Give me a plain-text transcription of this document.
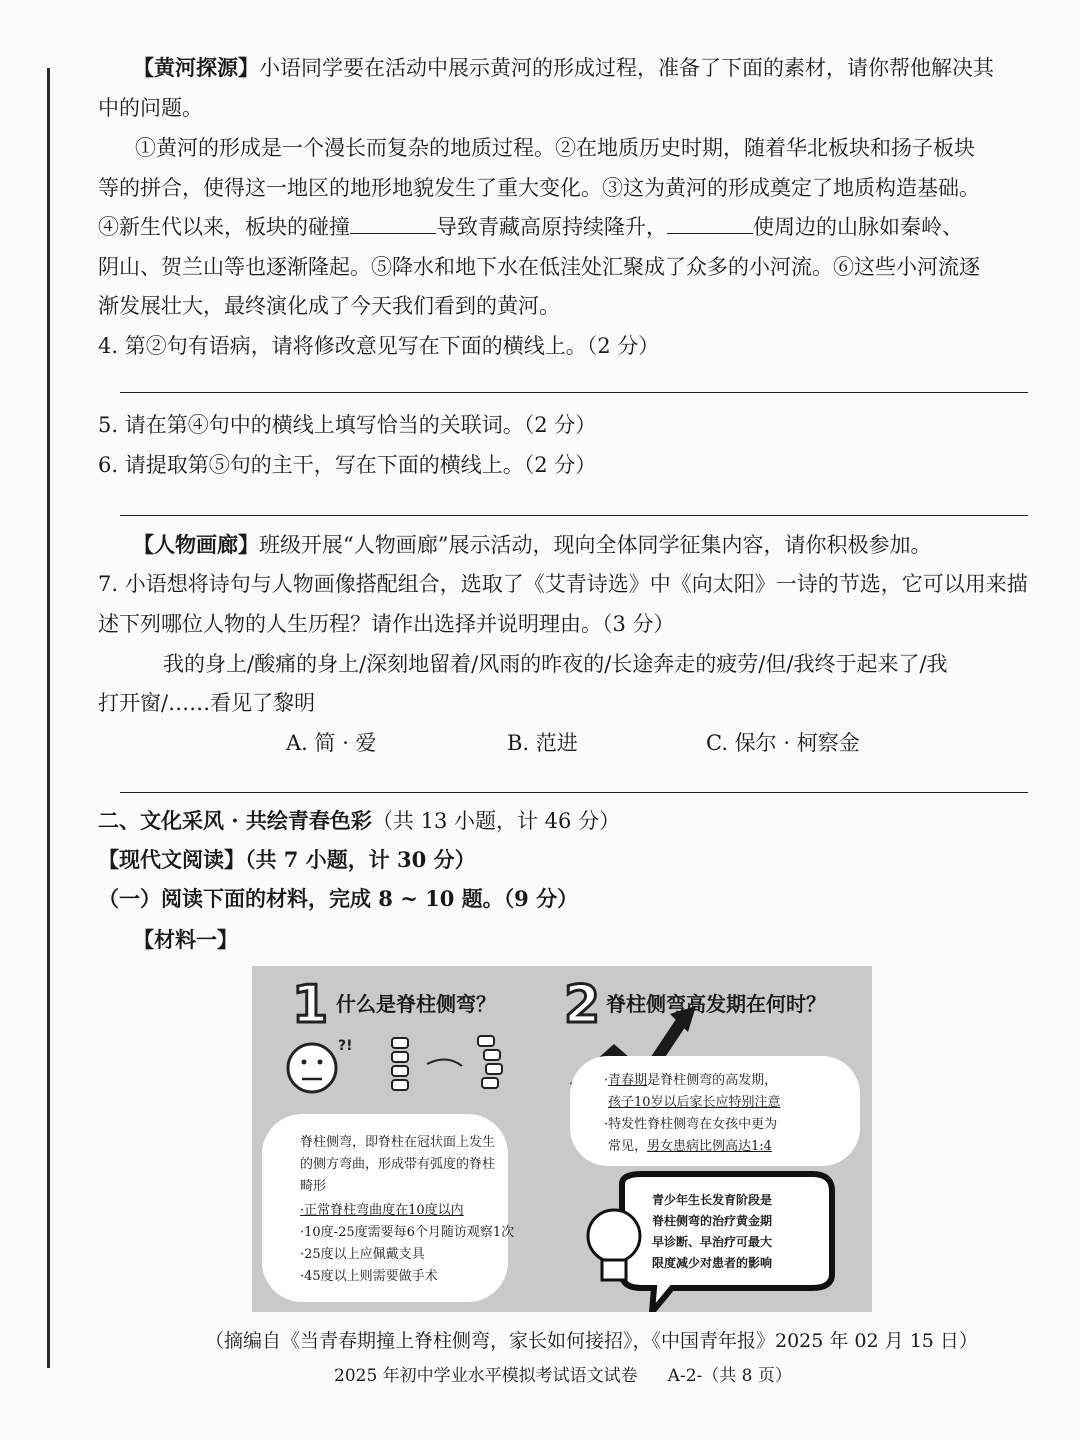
【黄河探源】小语同学要在活动中展示黄河的形成过程，准备了下面的素材，请你帮他解决其
中的问题。
①黄河的形成是一个漫长而复杂的地质过程。②在地质历史时期，随着华北板块和扬子板块
等的拼合，使得这一地区的地形地貌发生了重大变化。③这为黄河的形成奠定了地质构造基础。
④新生代以来，板块的碰撞	导致青藏高原持续隆升，	使周边的山脉如秦岭、
阴山、贺兰山等也逐渐隆起。⑤降水和地下水在低洼处汇聚成了众多的小河流。⑥这些小河流逐
渐发展壮大，最终演化成了今天我们看到的黄河。
4. 第②句有语病，请将修改意见写在下面的横线上。（2 分）
5. 请在第④句中的横线上填写恰当的关联词。（2 分）
6. 请提取第⑤句的主干，写在下面的横线上。（2 分）
【人物画廊】班级开展“人物画廊”展示活动，现向全体同学征集内容，请你积极参加。
7. 小语想将诗句与人物画像搭配组合，选取了《艾青诗选》中《向太阳》一诗的节选，它可以用来描
述下列哪位人物的人生历程？请作出选择并说明理由。（3 分）
我的身上/酸痛的身上/深刻地留着/风雨的昨夜的/长途奔走的疲劳/但/我终于起来了/我
打开窗/……看见了黎明
A. 简 · 爱	B. 范进	C. 保尔 · 柯察金
二、文化采风 · 共绘青春色彩（共 13 小题，计 46 分）
【现代文阅读】（共 7 小题，计 30 分）
（一）阅读下面的材料，完成 8 ~ 10 题。（9 分）
【材料一】
1	2
?!
什么是脊柱侧弯？	脊柱侧弯高发期在何时？
脊柱侧弯，即脊柱在冠状面上发生
的侧方弯曲，形成带有弧度的脊柱
畸形
·正常脊柱弯曲度在10度以内
·10度-25度需要每6个月随访观察1次
·25度以上应佩戴支具
·45度以上则需要做手术
·青春期是脊柱侧弯的高发期，
孩子10岁以后家长应特别注意
·特发性脊柱侧弯在女孩中更为
常见，男女患病比例高达1:4
青少年生长发育阶段是
脊柱侧弯的治疗黄金期
早诊断、早治疗可最大
限度减少对患者的影响
（摘编自《当青春期撞上脊柱侧弯，家长如何接招》，《中国青年报》2025 年 02 月 15 日）
2025 年初中学业水平模拟考试语文试卷 A-2-（共 8 页）
